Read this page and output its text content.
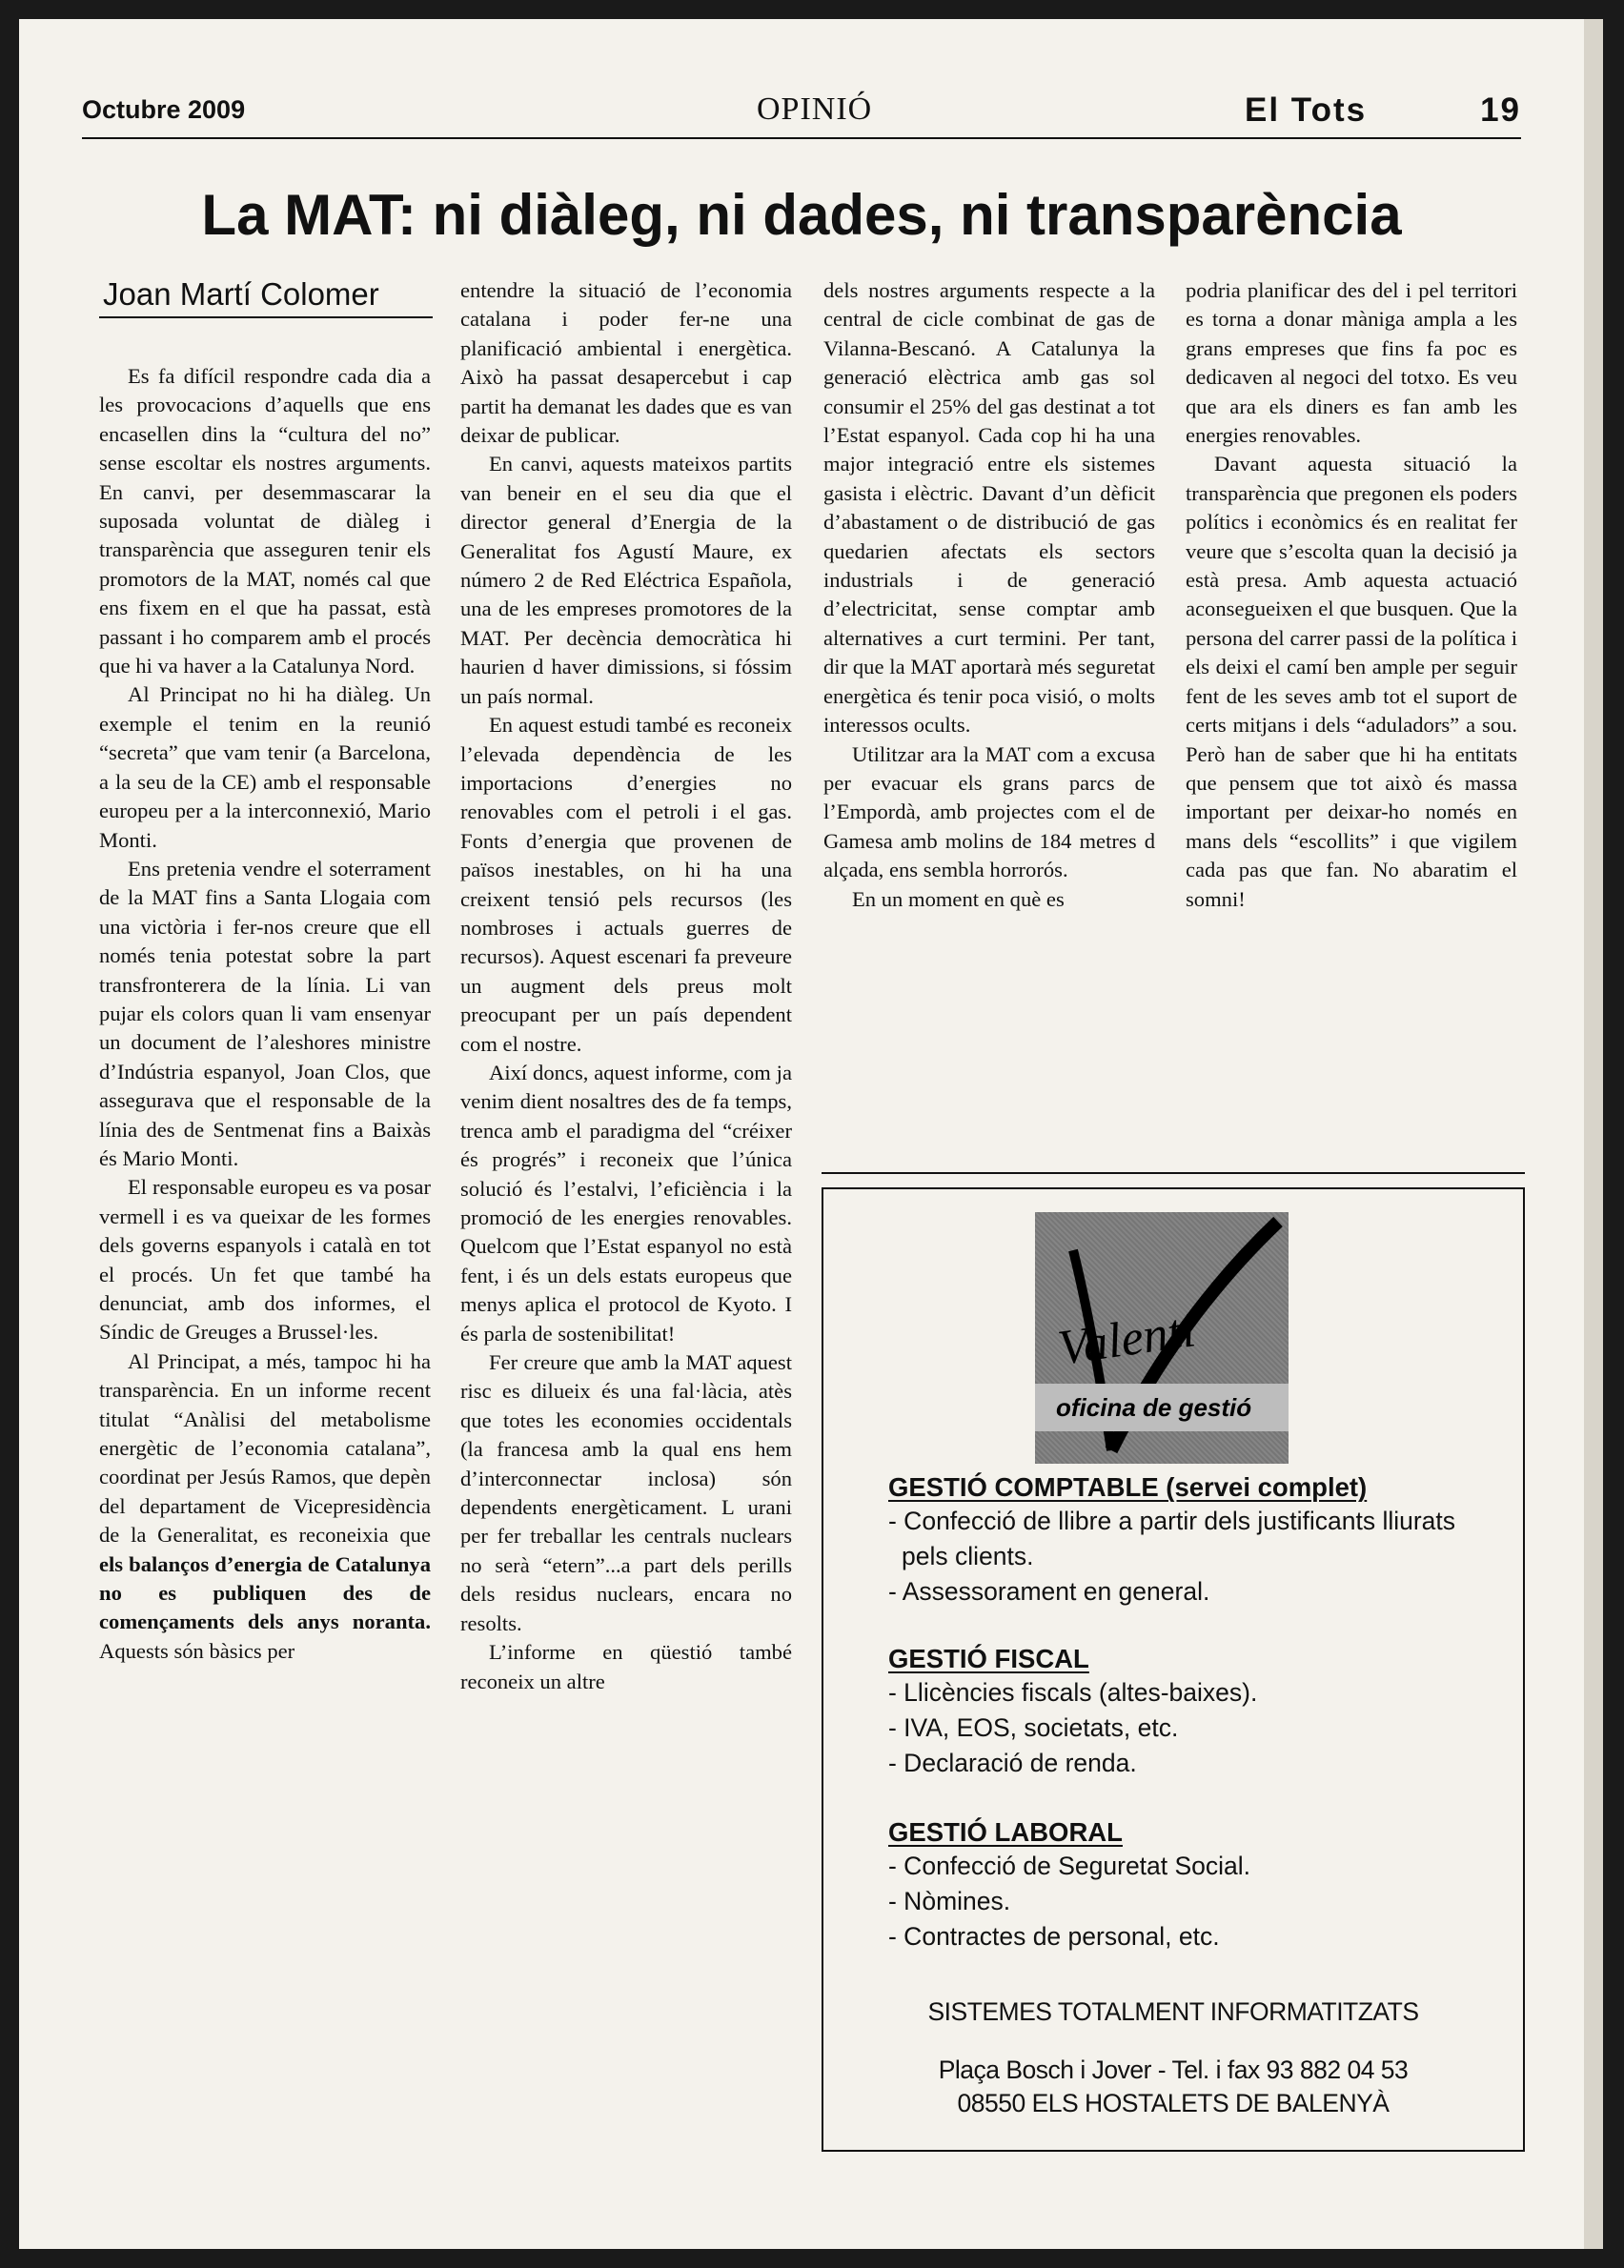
Octubre 2009	OPINIÓ	El Tots	19
La MAT: ni diàleg, ni dades, ni transparència
Joan Martí Colomer

Es fa difícil respondre cada dia a les provocacions d’aquells que ens encasellen dins la “cultura del no” sense escoltar els nostres arguments. En canvi, per desemmascarar la suposada voluntat de diàleg i transparència que asseguren tenir els promotors de la MAT, només cal que ens fixem en el que ha passat, està passant i ho comparem amb el procés que hi va haver a la Catalunya Nord.

Al Principat no hi ha diàleg. Un exemple el tenim en la reunió “secreta” que vam tenir (a Barcelona, a la seu de la CE) amb el responsable europeu per a la interconnexió, Mario Monti.

Ens pretenia vendre el soterrament de la MAT fins a Santa Llogaia com una victòria i fer-nos creure que ell només tenia potestat sobre la part transfronterera de la línia. Li van pujar els colors quan li vam ensenyar un document de l’aleshores ministre d’Indústria espanyol, Joan Clos, que assegurava que el responsable de la línia des de Sentmenat fins a Baixàs és Mario Monti.

El responsable europeu es va posar vermell i es va queixar de les formes dels governs espanyols i català en tot el procés. Un fet que també ha denunciat, amb dos informes, el Síndic de Greuges a Brussel·les.

Al Principat, a més, tampoc hi ha transparència. En un informe recent titulat “Anàlisi del metabolisme energètic de l’economia catalana”, coordinat per Jesús Ramos, que depèn del departament de Vicepresidència de la Generalitat, es reconeixia que els balanços d’energia de Catalunya no es publiquen des de començaments dels anys noranta. Aquests són bàsics per

entendre la situació de l’economia catalana i poder fer-ne una planificació ambiental i energètica. Això ha passat desapercebut i cap partit ha demanat les dades que es van deixar de publicar.

En canvi, aquests mateixos partits van beneir en el seu dia que el director general d’Energia de la Generalitat fos Agustí Maure, ex número 2 de Red Eléctrica Española, una de les empreses promotores de la MAT. Per decència democràtica hi haurien d haver dimissions, si fóssim un país normal.

En aquest estudi també es reconeix l’elevada dependència de les importacions d’energies no renovables com el petroli i el gas. Fonts d’energia que provenen de països inestables, on hi ha una creixent tensió pels recursos (les nombroses i actuals guerres de recursos). Aquest escenari fa preveure un augment dels preus molt preocupant per un país dependent com el nostre.

Així doncs, aquest informe, com ja venim dient nosaltres des de fa temps, trenca amb el paradigma del “créixer és progrés” i reconeix que l’única solució és l’estalvi, l’eficiència i la promoció de les energies renovables. Quelcom que l’Estat espanyol no està fent, i és un dels estats europeus que menys aplica el protocol de Kyoto. I és parla de sostenibilitat!

Fer creure que amb la MAT aquest risc es dilueix és una fal·làcia, atès que totes les economies occidentals (la francesa amb la qual ens hem d’interconnectar inclosa) són dependents energèticament. L urani per fer treballar les centrals nuclears no serà “etern”...a part dels perills dels residus nuclears, encara no resolts.

L’informe en qüestió també reconeix un altre

dels nostres arguments respecte a la central de cicle combinat de gas de Vilanna-Bescanó. A Catalunya la generació elèctrica amb gas sol consumir el 25% del gas destinat a tot l’Estat espanyol. Cada cop hi ha una major integració entre els sistemes gasista i elèctric. Davant d’un dèficit d’abastament o de distribució de gas quedarien afectats els sectors industrials i de generació d’electricitat, sense comptar amb alternatives a curt termini. Per tant, dir que la MAT aportarà més seguretat energètica és tenir poca visió, o molts interessos ocults.

Utilitzar ara la MAT com a excusa per evacuar els grans parcs de l’Empordà, amb projectes com el de Gamesa amb molins de 184 metres d alçada, ens sembla horrorós.

En un moment en què es

podria planificar des del i pel territori es torna a donar màniga ampla a les grans empreses que fins fa poc es dedicaven al negoci del totxo. Es veu que ara els diners es fan amb les energies renovables.

Davant aquesta situació la transparència que pregonen els poders polítics i econòmics és en realitat fer veure que s’escolta quan la decisió ja està presa. Amb aquesta actuació aconsegueixen el que busquen. Que la persona del carrer passi de la política i els deixi el camí ben ample per seguir fent de les seves amb tot el suport de certs mitjans i dels “aduladors” a sou. Però han de saber que hi ha entitats que pensem que tot això és massa important per deixar-ho només en mans dels “escollits” i que vigilem cada pas que fan. No abaratim el somni!

Valenti
oficina de gestió
GESTIÓ COMPTABLE (servei complet)
- Confecció de llibre a partir dels justificants lliurats pels clients.
- Assessorament en general.
GESTIÓ FISCAL
- Llicències fiscals (altes-baixes).
- IVA, EOS, societats, etc.
- Declaració de renda.
GESTIÓ LABORAL
- Confecció de Seguretat Social.
- Nòmines.
- Contractes de personal, etc.
SISTEMES TOTALMENT INFORMATITZATS
Plaça Bosch i Jover - Tel. i fax 93 882 04 53
08550 ELS HOSTALETS DE BALENYÀ
